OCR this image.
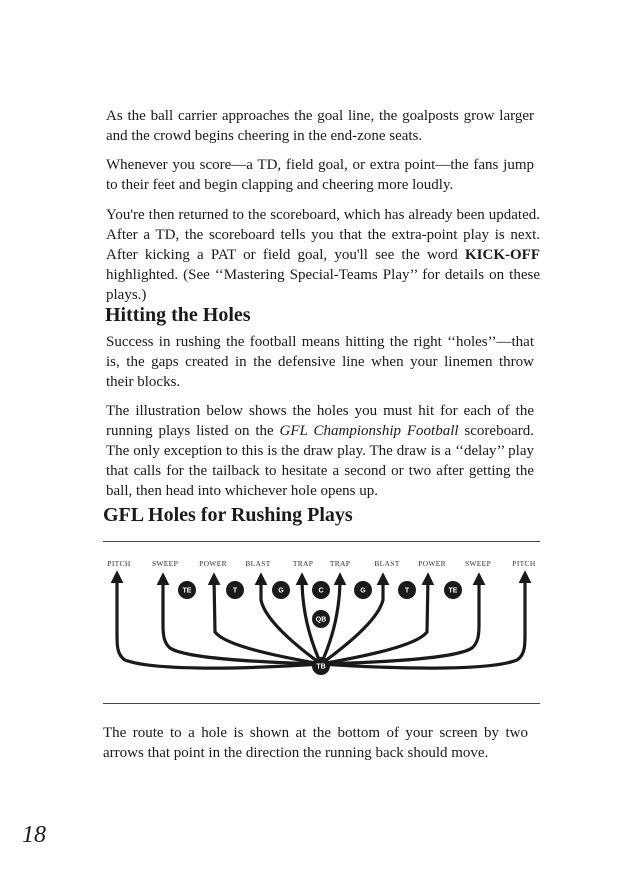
As the ball carrier approaches the goal line, the goalposts grow larger and the crowd begins cheering in the end-zone seats.

Whenever you score—a TD, field goal, or extra point—the fans jump to their feet and begin clapping and cheering more loudly.

You're then returned to the scoreboard, which has already been updated. After a TD, the scoreboard tells you that the extra-point play is next. After kicking a PAT or field goal, you'll see the word KICK-OFF highlighted. (See ‘‘Mastering Special-Teams Play’’ for details on these plays.)

Hitting the Holes

Success in rushing the football means hitting the right ‘‘holes’’—that is, the gaps created in the defensive line when your linemen throw their blocks.

The illustration below shows the holes you must hit for each of the running plays listed on the GFL Championship Football scoreboard. The only exception to this is the draw play. The draw is a ‘‘delay’’ play that calls for the tailback to hesitate a second or two after getting the ball, then head into whichever hole opens up.

GFL Holes for Rushing Plays
PITCH	SWEEP	POWER BLAST	TRAP TRAP	BLAST POWER	SWEEP	PITCH
TE	T	G	C	G	T	TE
QB
TB

The route to a hole is shown at the bottom of your screen by two arrows that point in the direction the running back should move.

18
